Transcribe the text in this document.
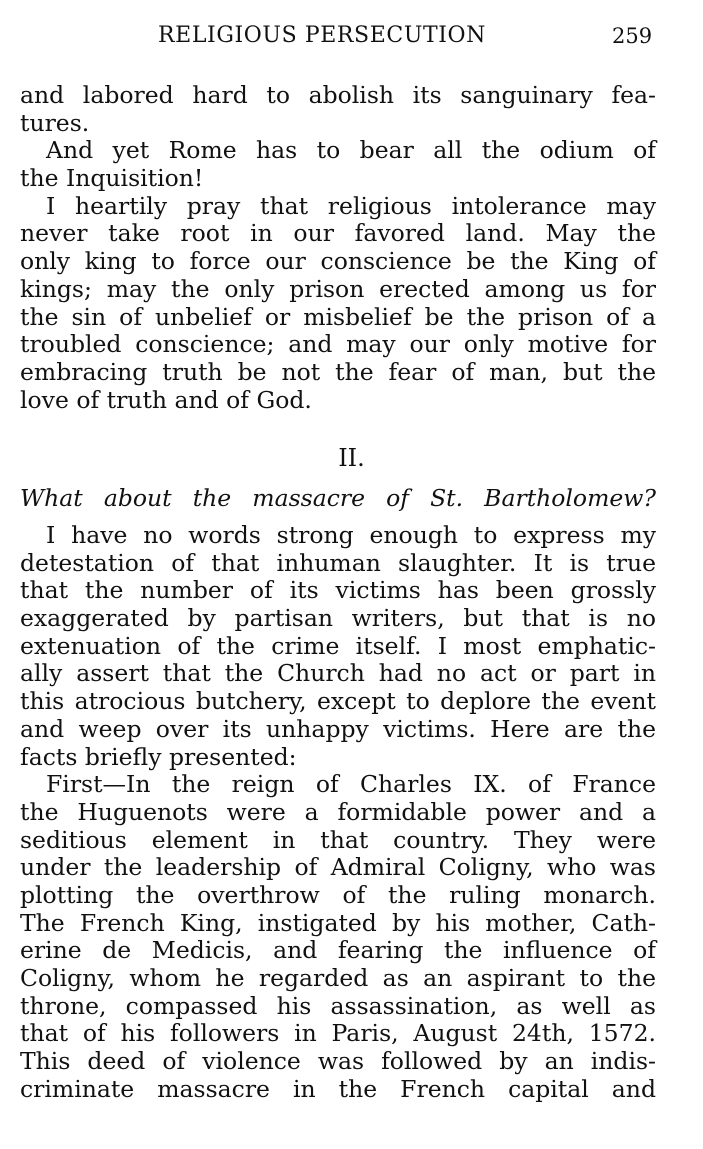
RELIGIOUS PERSECUTION	259
and labored hard to abolish its sanguinary fea-
tures.
And yet Rome has to bear all the odium of
the Inquisition!
I heartily pray that religious intolerance may
never take root in our favored land. May the
only king to force our conscience be the King of
kings; may the only prison erected among us for
the sin of unbelief or misbelief be the prison of a
troubled conscience; and may our only motive for
embracing truth be not the fear of man, but the
love of truth and of God.
II.
What about the massacre of St. Bartholomew?
I have no words strong enough to express my
detestation of that inhuman slaughter. It is true
that the number of its victims has been grossly
exaggerated by partisan writers, but that is no
extenuation of the crime itself. I most emphatic-
ally assert that the Church had no act or part in
this atrocious butchery, except to deplore the event
and weep over its unhappy victims. Here are the
facts briefly presented:
First—In the reign of Charles IX. of France
the Huguenots were a formidable power and a
seditious element in that country. They were
under the leadership of Admiral Coligny, who was
plotting the overthrow of the ruling monarch.
The French King, instigated by his mother, Cath-
erine de Medicis, and fearing the influence of
Coligny, whom he regarded as an aspirant to the
throne, compassed his assassination, as well as
that of his followers in Paris, August 24th, 1572.
This deed of violence was followed by an indis-
criminate massacre in the French capital and
